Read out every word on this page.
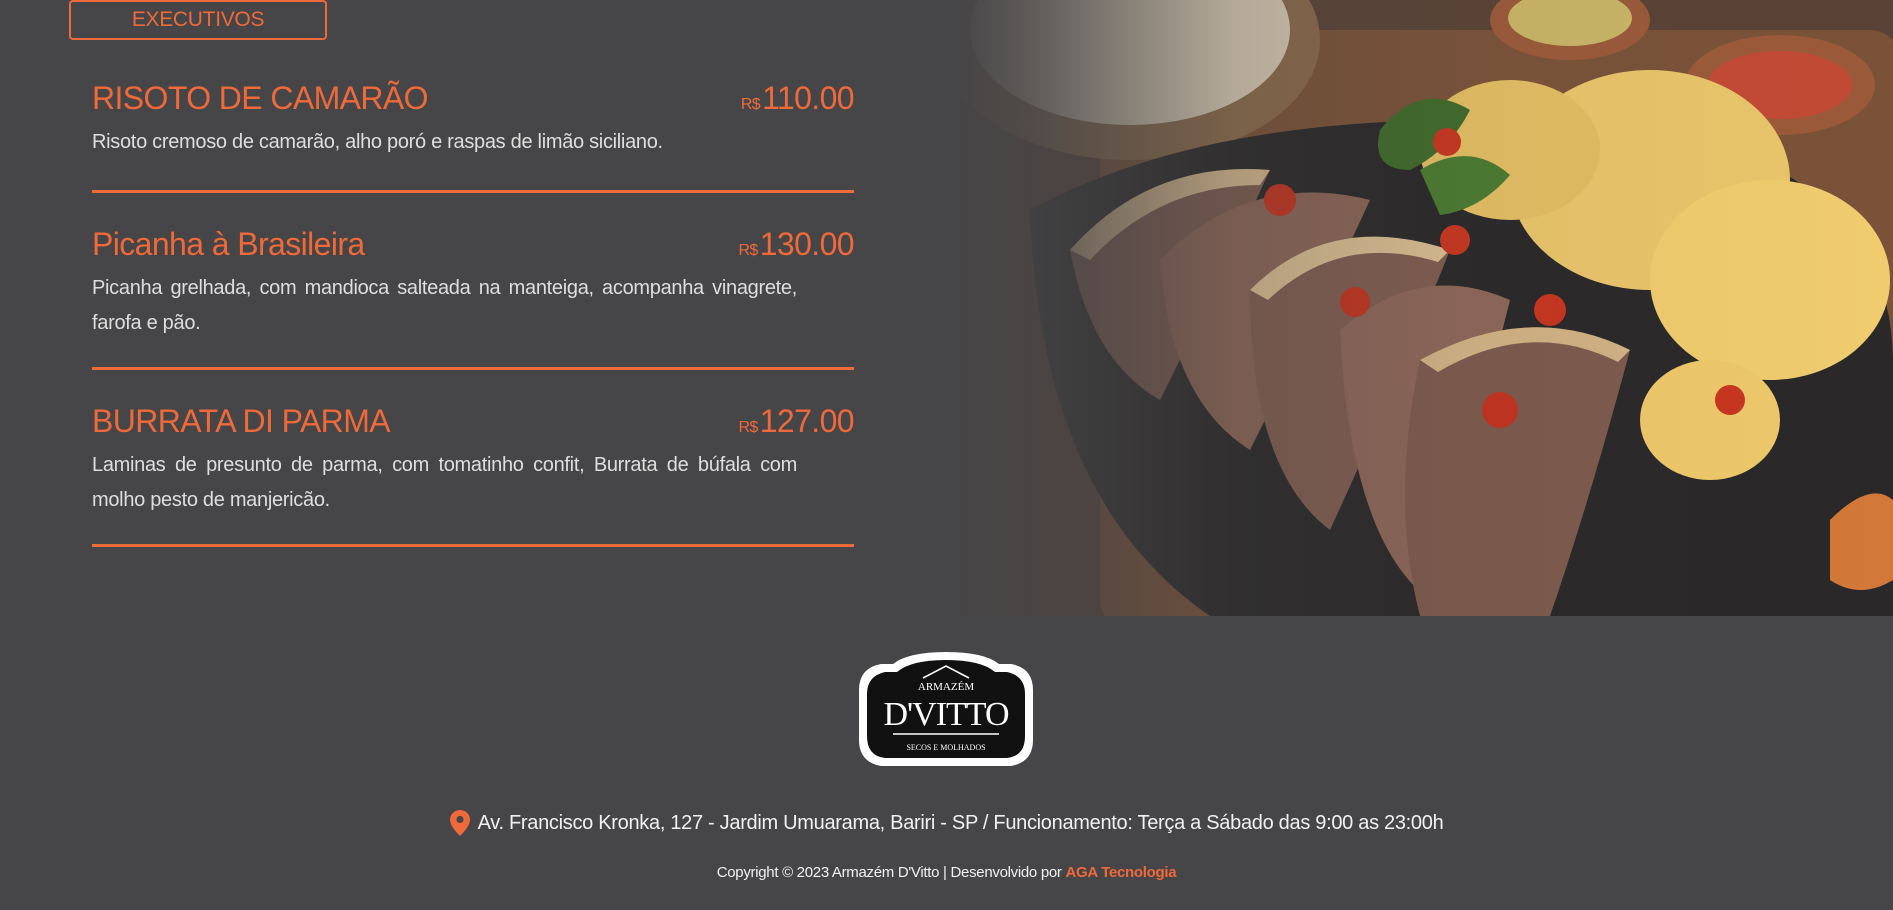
EXECUTIVOS
RISOTO DE CAMARÃO	R$110.00
Risoto cremoso de camarão, alho poró e raspas de limão siciliano.
Picanha à Brasileira	R$130.00
Picanha grelhada, com mandioca salteada na manteiga, acompanha vinagrete, farofa e pão.
BURRATA DI PARMA	R$127.00
Laminas de presunto de parma, com tomatinho confit, Burrata de búfala com molho pesto de manjericão.
ARMAZÉM
D'VITTO
SECOS E MOLHADOS
Av. Francisco Kronka, 127 - Jardim Umuarama, Bariri - SP / Funcionamento: Terça a Sábado das 9:00 as 23:00h
Copyright © 2023 Armazém D'Vitto | Desenvolvido por AGA Tecnologia
